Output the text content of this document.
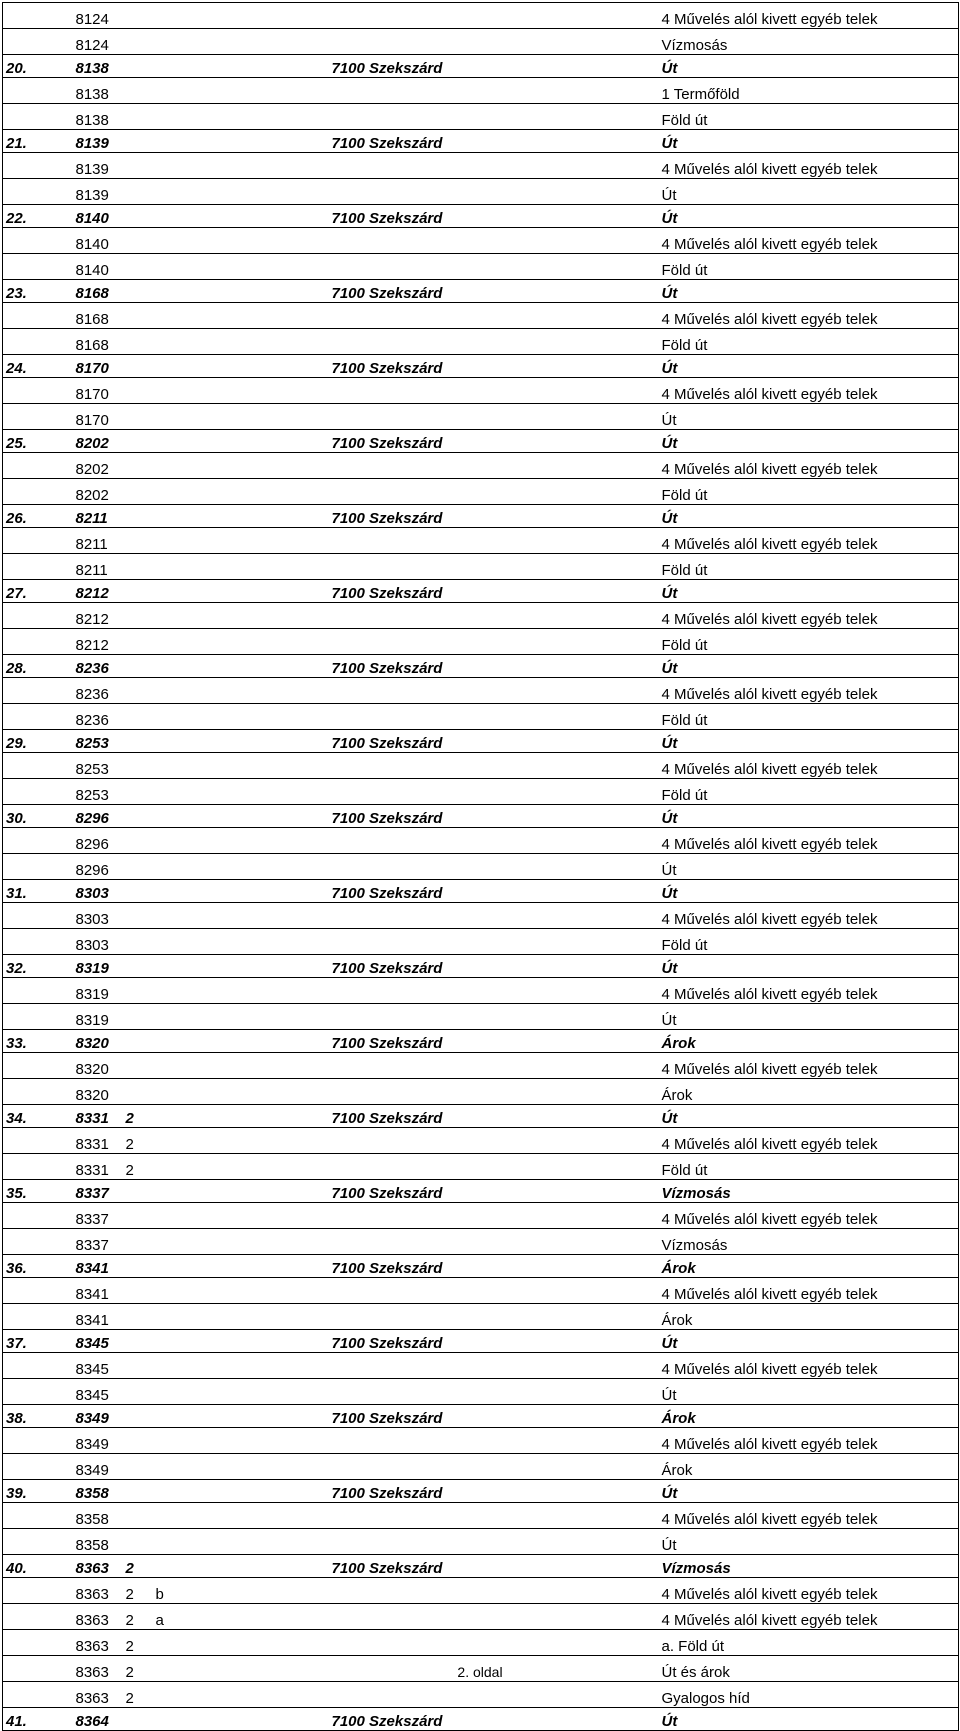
	8124		4 Művelés alól kivett egyéb telek
	8124		Vízmosás
20.	8138	7100 Szekszárd	Út
	8138		1 Termőföld
	8138		Föld út
21.	8139	7100 Szekszárd	Út
	8139		4 Művelés alól kivett egyéb telek
	8139		Út
22.	8140	7100 Szekszárd	Út
	8140		4 Művelés alól kivett egyéb telek
	8140		Föld út
23.	8168	7100 Szekszárd	Út
	8168		4 Művelés alól kivett egyéb telek
	8168		Föld út
24.	8170	7100 Szekszárd	Út
	8170		4 Művelés alól kivett egyéb telek
	8170		Út
25.	8202	7100 Szekszárd	Út
	8202		4 Művelés alól kivett egyéb telek
	8202		Föld út
26.	8211	7100 Szekszárd	Út
	8211		4 Művelés alól kivett egyéb telek
	8211		Föld út
27.	8212	7100 Szekszárd	Út
	8212		4 Művelés alól kivett egyéb telek
	8212		Föld út
28.	8236	7100 Szekszárd	Út
	8236		4 Művelés alól kivett egyéb telek
	8236		Föld út
29.	8253	7100 Szekszárd	Út
	8253		4 Művelés alól kivett egyéb telek
	8253		Föld út
30.	8296	7100 Szekszárd	Út
	8296		4 Művelés alól kivett egyéb telek
	8296		Út
31.	8303	7100 Szekszárd	Út
	8303		4 Művelés alól kivett egyéb telek
	8303		Föld út
32.	8319	7100 Szekszárd	Út
	8319		4 Művelés alól kivett egyéb telek
	8319		Út
33.	8320	7100 Szekszárd	Árok
	8320		4 Művelés alól kivett egyéb telek
	8320		Árok
34.	8331 2	7100 Szekszárd	Út
	8331 2		4 Művelés alól kivett egyéb telek
	8331 2		Föld út
35.	8337	7100 Szekszárd	Vízmosás
	8337		4 Művelés alól kivett egyéb telek
	8337		Vízmosás
36.	8341	7100 Szekszárd	Árok
	8341		4 Művelés alól kivett egyéb telek
	8341		Árok
37.	8345	7100 Szekszárd	Út
	8345		4 Művelés alól kivett egyéb telek
	8345		Út
38.	8349	7100 Szekszárd	Árok
	8349		4 Művelés alól kivett egyéb telek
	8349		Árok
39.	8358	7100 Szekszárd	Út
	8358		4 Művelés alól kivett egyéb telek
	8358		Út
40.	8363 2	7100 Szekszárd	Vízmosás
	8363 2 b		4 Művelés alól kivett egyéb telek
	8363 2 a		4 Művelés alól kivett egyéb telek
	8363 2		a. Föld út
	8363 2		Út és árok
	8363 2		Gyalogos híd
41.	8364	7100 Szekszárd	Út
2. oldal
